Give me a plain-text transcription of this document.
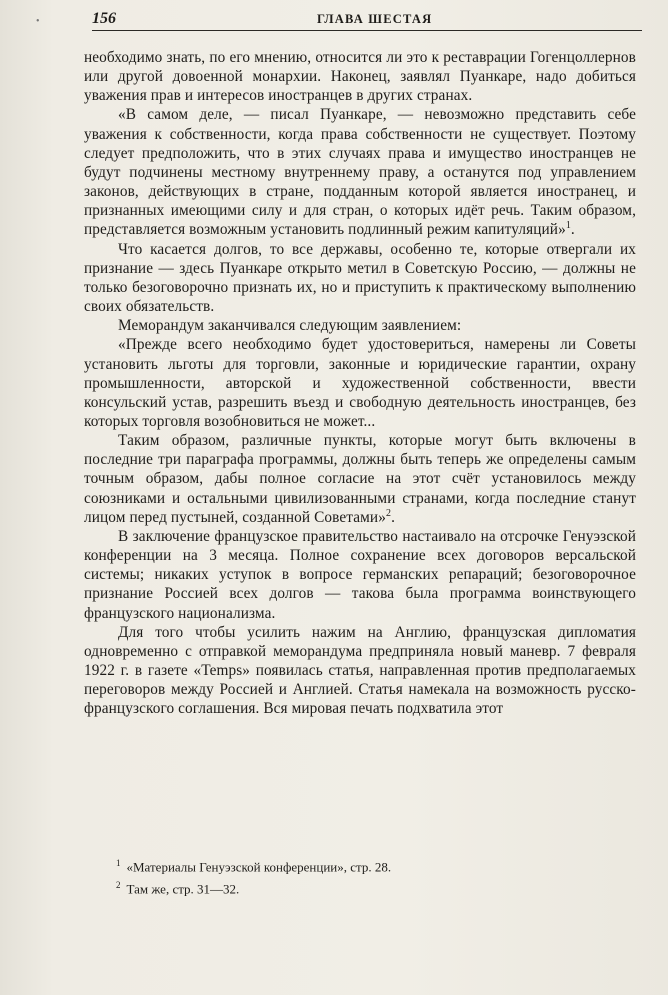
•	156	ГЛАВА ШЕСТАЯ

необходимо знать, по его мнению, относится ли это к реставрации Гогенцоллернов или другой довоенной монархии. Наконец, заявлял Пуанкаре, надо добиться уважения прав и интересов иностранцев в других странах.

«В самом деле, — писал Пуанкаре, — невозможно представить себе уважения к собственности, когда права собственности не существует. Поэтому следует предположить, что в этих случаях права и имущество иностранцев не будут подчинены местному внутреннему праву, а останутся под управлением законов, действующих в стране, подданным которой является иностранец, и признанных имеющими силу и для стран, о которых идёт речь. Таким образом, представляется возможным установить подлинный режим капитуляций»$^1$.

Что касается долгов, то все державы, особенно те, которые отвергали их признание — здесь Пуанкаре открыто метил в Советскую Россию, — должны не только безоговорочно признать их, но и приступить к практическому выполнению своих обязательств.

Меморандум заканчивался следующим заявлением:

«Прежде всего необходимо будет удостовериться, намерены ли Советы установить льготы для торговли, законные и юридические гарантии, охрану промышленности, авторской и художественной собственности, ввести консульский устав, разрешить въезд и свободную деятельность иностранцев, без которых торговля возобновиться не может...

Таким образом, различные пункты, которые могут быть включены в последние три параграфа программы, должны быть теперь же определены самым точным образом, дабы полное согласие на этот счёт установилось между союзниками и остальными цивилизованными странами, когда последние станут лицом перед пустыней, созданной Советами»$^2$.

В заключение французское правительство настаивало на отсрочке Генуэзской конференции на 3 месяца. Полное сохранение всех договоров версальской системы; никаких уступок в вопросе германских репараций; безоговорочное признание Россией всех долгов — такова была программа воинствующего французского национализма.

Для того чтобы усилить нажим на Англию, французская дипломатия одновременно с отправкой меморандума предприняла новый маневр. 7 февраля 1922 г. в газете «Temps» появилась статья, направленная против предполагаемых переговоров между Россией и Англией. Статья намекала на возможность русско-французского соглашения. Вся мировая печать подхватила этот

$^1$ «Материалы Генуэзской конференции», стр. 28.
$^2$ Там же, стр. 31—32.
